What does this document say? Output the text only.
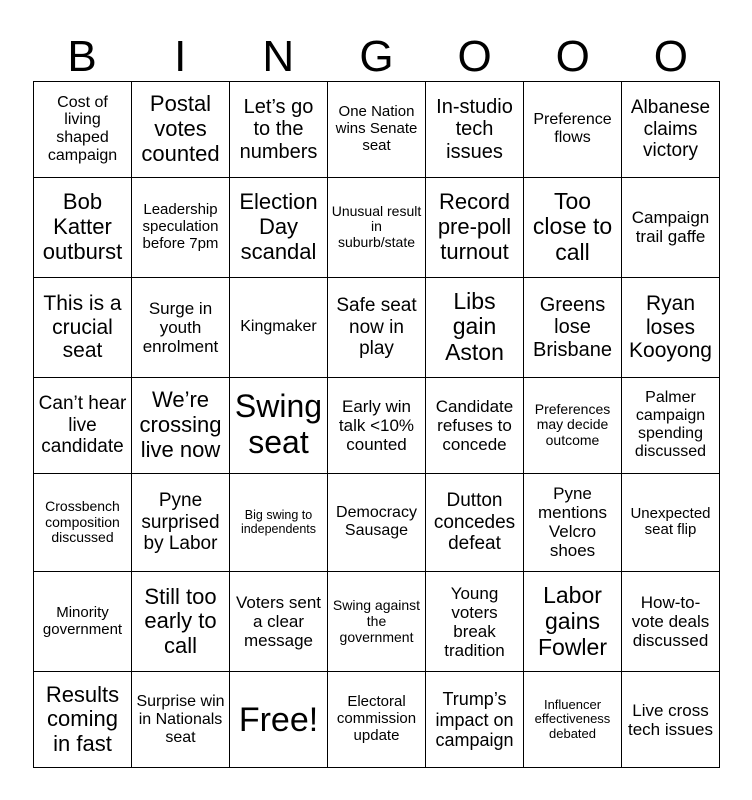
B	I	N	G	O	O	O
Cost of living shaped campaign	Postal votes counted	Let’s go to the numbers	One Nation wins Senate seat	In-studio tech issues	Preference flows	Albanese claims victory
Bob Katter outburst	Leadership speculation before 7pm	Election Day scandal	Unusual result in suburb/state	Record pre-poll turnout	Too close to call	Campaign trail gaffe
This is a crucial seat	Surge in youth enrolment	Kingmaker	Safe seat now in play	Libs gain Aston	Greens lose Brisbane	Ryan loses Kooyong
Can’t hear live candidate	We’re crossing live now	Swing seat	Early win talk <10% counted	Candidate refuses to concede	Preferences may decide outcome	Palmer campaign spending discussed
Crossbench composition discussed	Pyne surprised by Labor	Big swing to independents	Democracy Sausage	Dutton concedes defeat	Pyne mentions Velcro shoes	Unexpected seat flip
Minority government	Still too early to call	Voters sent a clear message	Swing against the government	Young voters break tradition	Labor gains Fowler	How-to-vote deals discussed
Results coming in fast	Surprise win in Nationals seat	Free!	Electoral commission update	Trump’s impact on campaign	Influencer effectiveness debated	Live cross tech issues
